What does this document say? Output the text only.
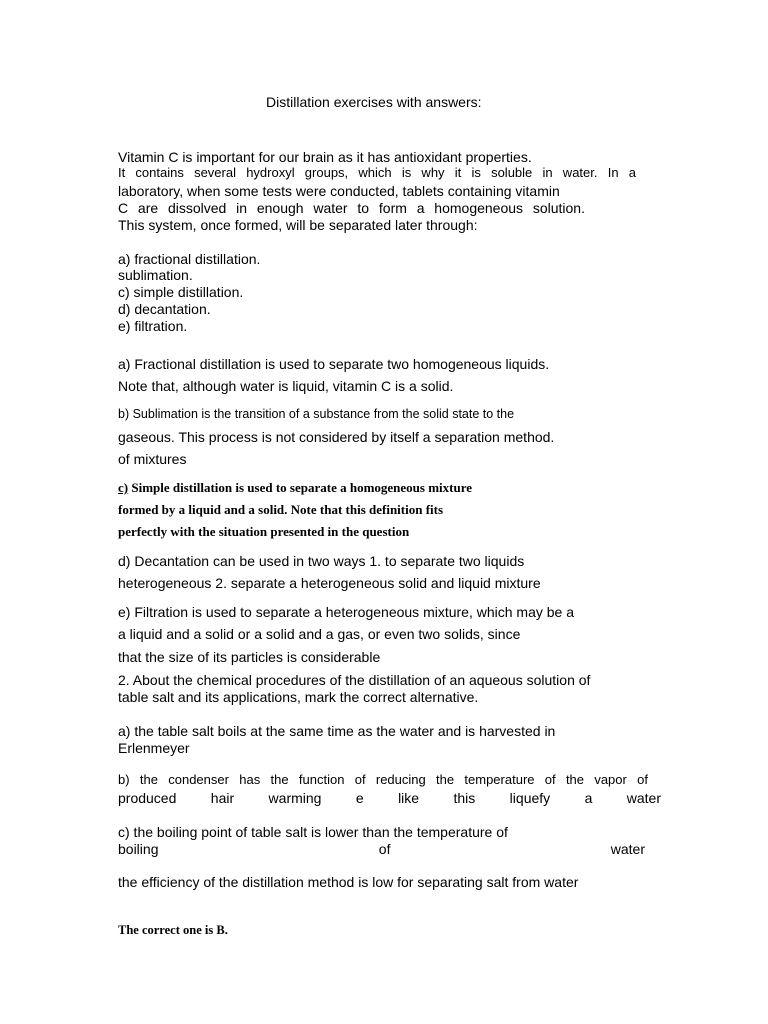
Distillation exercises with answers:
Vitamin C is important for our brain as it has antioxidant properties.
It contains several hydroxyl groups, which is why it is soluble in water. In a
laboratory, when some tests were conducted, tablets containing vitamin
C are dissolved in enough water to form a homogeneous solution.
This system, once formed, will be separated later through:
a) fractional distillation.
sublimation.
c) simple distillation.
d) decantation.
e) filtration.
a) Fractional distillation is used to separate two homogeneous liquids.
Note that, although water is liquid, vitamin C is a solid.
b) Sublimation is the transition of a substance from the solid state to the
gaseous. This process is not considered by itself a separation method.
of mixtures
c) Simple distillation is used to separate a homogeneous mixture
formed by a liquid and a solid. Note that this definition fits
perfectly with the situation presented in the question
d) Decantation can be used in two ways 1. to separate two liquids
heterogeneous 2. separate a heterogeneous solid and liquid mixture
e) Filtration is used to separate a heterogeneous mixture, which may be a
a liquid and a solid or a solid and a gas, or even two solids, since
that the size of its particles is considerable
2. About the chemical procedures of the distillation of an aqueous solution of
table salt and its applications, mark the correct alternative.
a) the table salt boils at the same time as the water and is harvested in
Erlenmeyer
b) the condenser has the function of reducing the temperature of the vapor of
produced hair warming e like this liquefy a water
c) the boiling point of table salt is lower than the temperature of
boiling of water
the efficiency of the distillation method is low for separating salt from water
The correct one is B.
